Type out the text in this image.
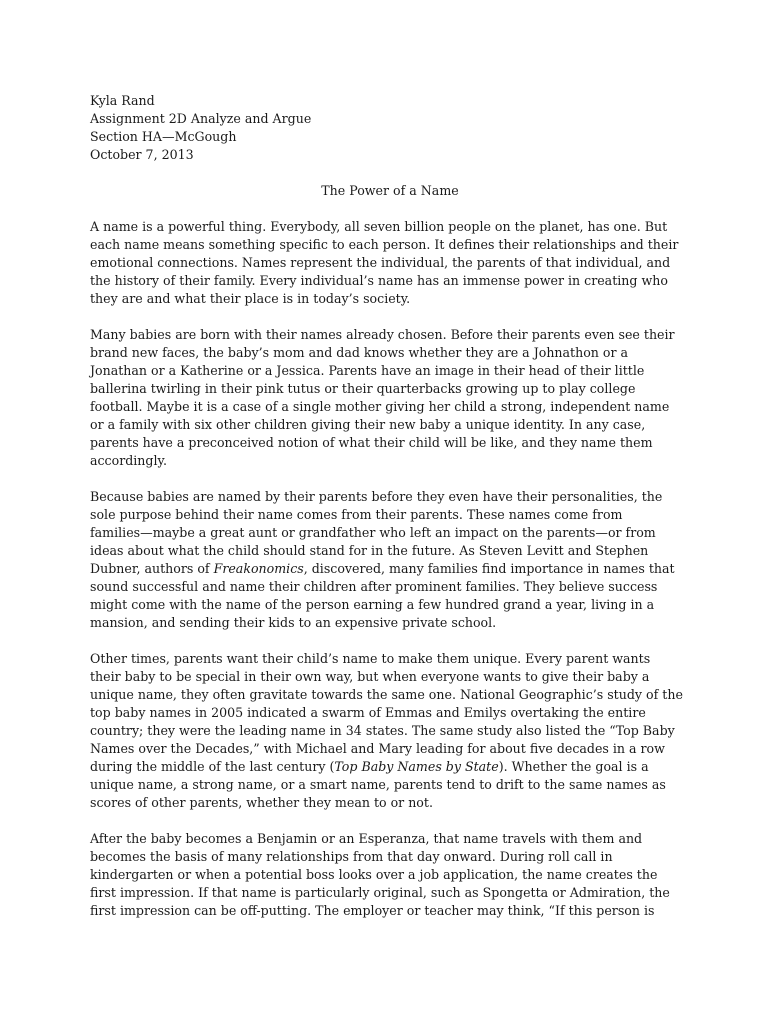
Kyla Rand
Assignment 2D Analyze and Argue
Section HA—McGough
October 7, 2013
The Power of a Name
A name is a powerful thing. Everybody, all seven billion people on the planet, has one. But
each name means something specific to each person. It defines their relationships and their
emotional connections. Names represent the individual, the parents of that individual, and
the history of their family. Every individual’s name has an immense power in creating who
they are and what their place is in today’s society.
Many babies are born with their names already chosen. Before their parents even see their
brand new faces, the baby’s mom and dad knows whether they are a Johnathon or a
Jonathan or a Katherine or a Jessica. Parents have an image in their head of their little
ballerina twirling in their pink tutus or their quarterbacks growing up to play college
football. Maybe it is a case of a single mother giving her child a strong, independent name
or a family with six other children giving their new baby a unique identity. In any case,
parents have a preconceived notion of what their child will be like, and they name them
accordingly.
Because babies are named by their parents before they even have their personalities, the
sole purpose behind their name comes from their parents. These names come from
families—maybe a great aunt or grandfather who left an impact on the parents—or from
ideas about what the child should stand for in the future. As Steven Levitt and Stephen
Dubner, authors of Freakonomics, discovered, many families find importance in names that
sound successful and name their children after prominent families. They believe success
might come with the name of the person earning a few hundred grand a year, living in a
mansion, and sending their kids to an expensive private school.
Other times, parents want their child’s name to make them unique. Every parent wants
their baby to be special in their own way, but when everyone wants to give their baby a
unique name, they often gravitate towards the same one. National Geographic’s study of the
top baby names in 2005 indicated a swarm of Emmas and Emilys overtaking the entire
country; they were the leading name in 34 states. The same study also listed the “Top Baby
Names over the Decades,” with Michael and Mary leading for about five decades in a row
during the middle of the last century (Top Baby Names by State). Whether the goal is a
unique name, a strong name, or a smart name, parents tend to drift to the same names as
scores of other parents, whether they mean to or not.
After the baby becomes a Benjamin or an Esperanza, that name travels with them and
becomes the basis of many relationships from that day onward. During roll call in
kindergarten or when a potential boss looks over a job application, the name creates the
first impression. If that name is particularly original, such as Spongetta or Admiration, the
first impression can be off-putting. The employer or teacher may think, “If this person is
